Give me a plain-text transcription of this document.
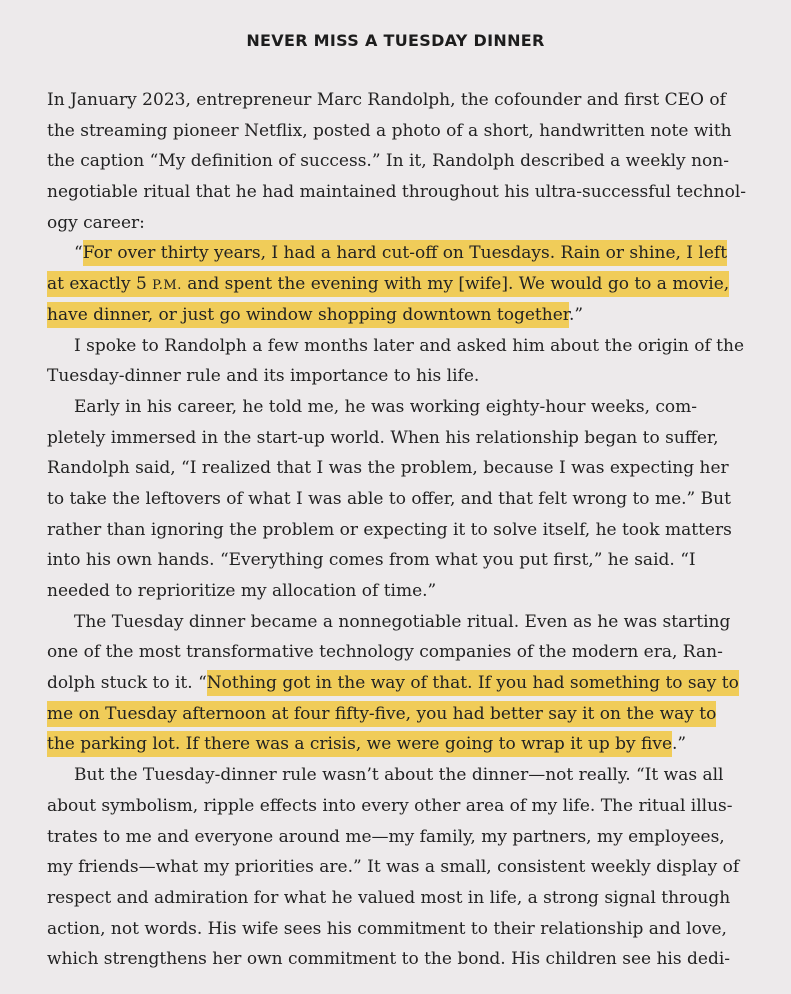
NEVER MISS A TUESDAY DINNER
In January 2023, entrepreneur Marc Randolph, the cofounder and first CEO of
the streaming pioneer Netflix, posted a photo of a short, handwritten note with
the caption “My definition of success.” In it, Randolph described a weekly non-
negotiable ritual that he had maintained throughout his ultra-successful technol-
ogy career:
“For over thirty years, I had a hard cut-off on Tuesdays. Rain or shine, I left
at exactly 5 P.M. and spent the evening with my [wife]. We would go to a movie,
have dinner, or just go window shopping downtown together.”
I spoke to Randolph a few months later and asked him about the origin of the
Tuesday-dinner rule and its importance to his life.
Early in his career, he told me, he was working eighty-hour weeks, com-
pletely immersed in the start-up world. When his relationship began to suffer,
Randolph said, “I realized that I was the problem, because I was expecting her
to take the leftovers of what I was able to offer, and that felt wrong to me.” But
rather than ignoring the problem or expecting it to solve itself, he took matters
into his own hands. “Everything comes from what you put first,” he said. “I
needed to reprioritize my allocation of time.”
The Tuesday dinner became a nonnegotiable ritual. Even as he was starting
one of the most transformative technology companies of the modern era, Ran-
dolph stuck to it. “Nothing got in the way of that. If you had something to say to
me on Tuesday afternoon at four fifty-five, you had better say it on the way to
the parking lot. If there was a crisis, we were going to wrap it up by five.”
But the Tuesday-dinner rule wasn’t about the dinner—not really. “It was all
about symbolism, ripple effects into every other area of my life. The ritual illus-
trates to me and everyone around me—my family, my partners, my employees,
my friends—what my priorities are.” It was a small, consistent weekly display of
respect and admiration for what he valued most in life, a strong signal through
action, not words. His wife sees his commitment to their relationship and love,
which strengthens her own commitment to the bond. His children see his dedi-
